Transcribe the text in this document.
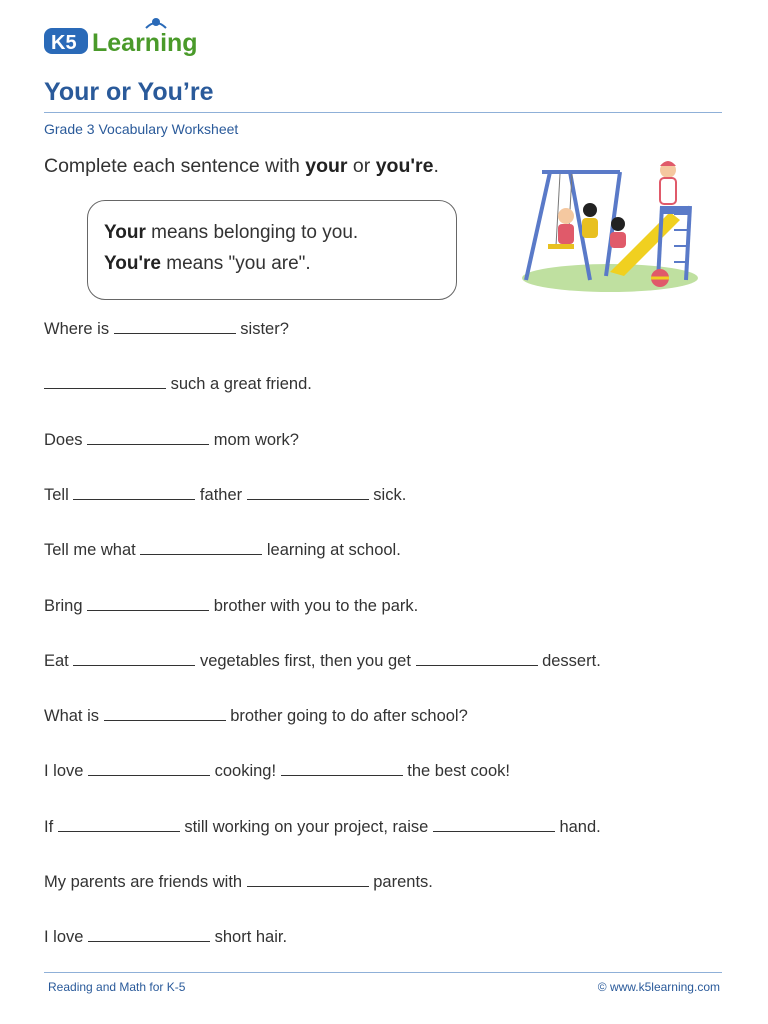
K5 Learning
Your or You’re
Grade 3 Vocabulary Worksheet
Complete each sentence with your or you're.
Your means belonging to you.
You're means "you are".
Where is	sister?
such a great friend.
Does	mom work?
Tell	father	sick.
Tell me what	learning at school.
Bring	brother with you to the park.
Eat	vegetables first, then you get	dessert.
What is	brother going to do after school?
I love	cooking!	the best cook!
If	still working on your project, raise	hand.
My parents are friends with	parents.
I love	short hair.
Reading and Math for K-5	© www.k5learning.com
